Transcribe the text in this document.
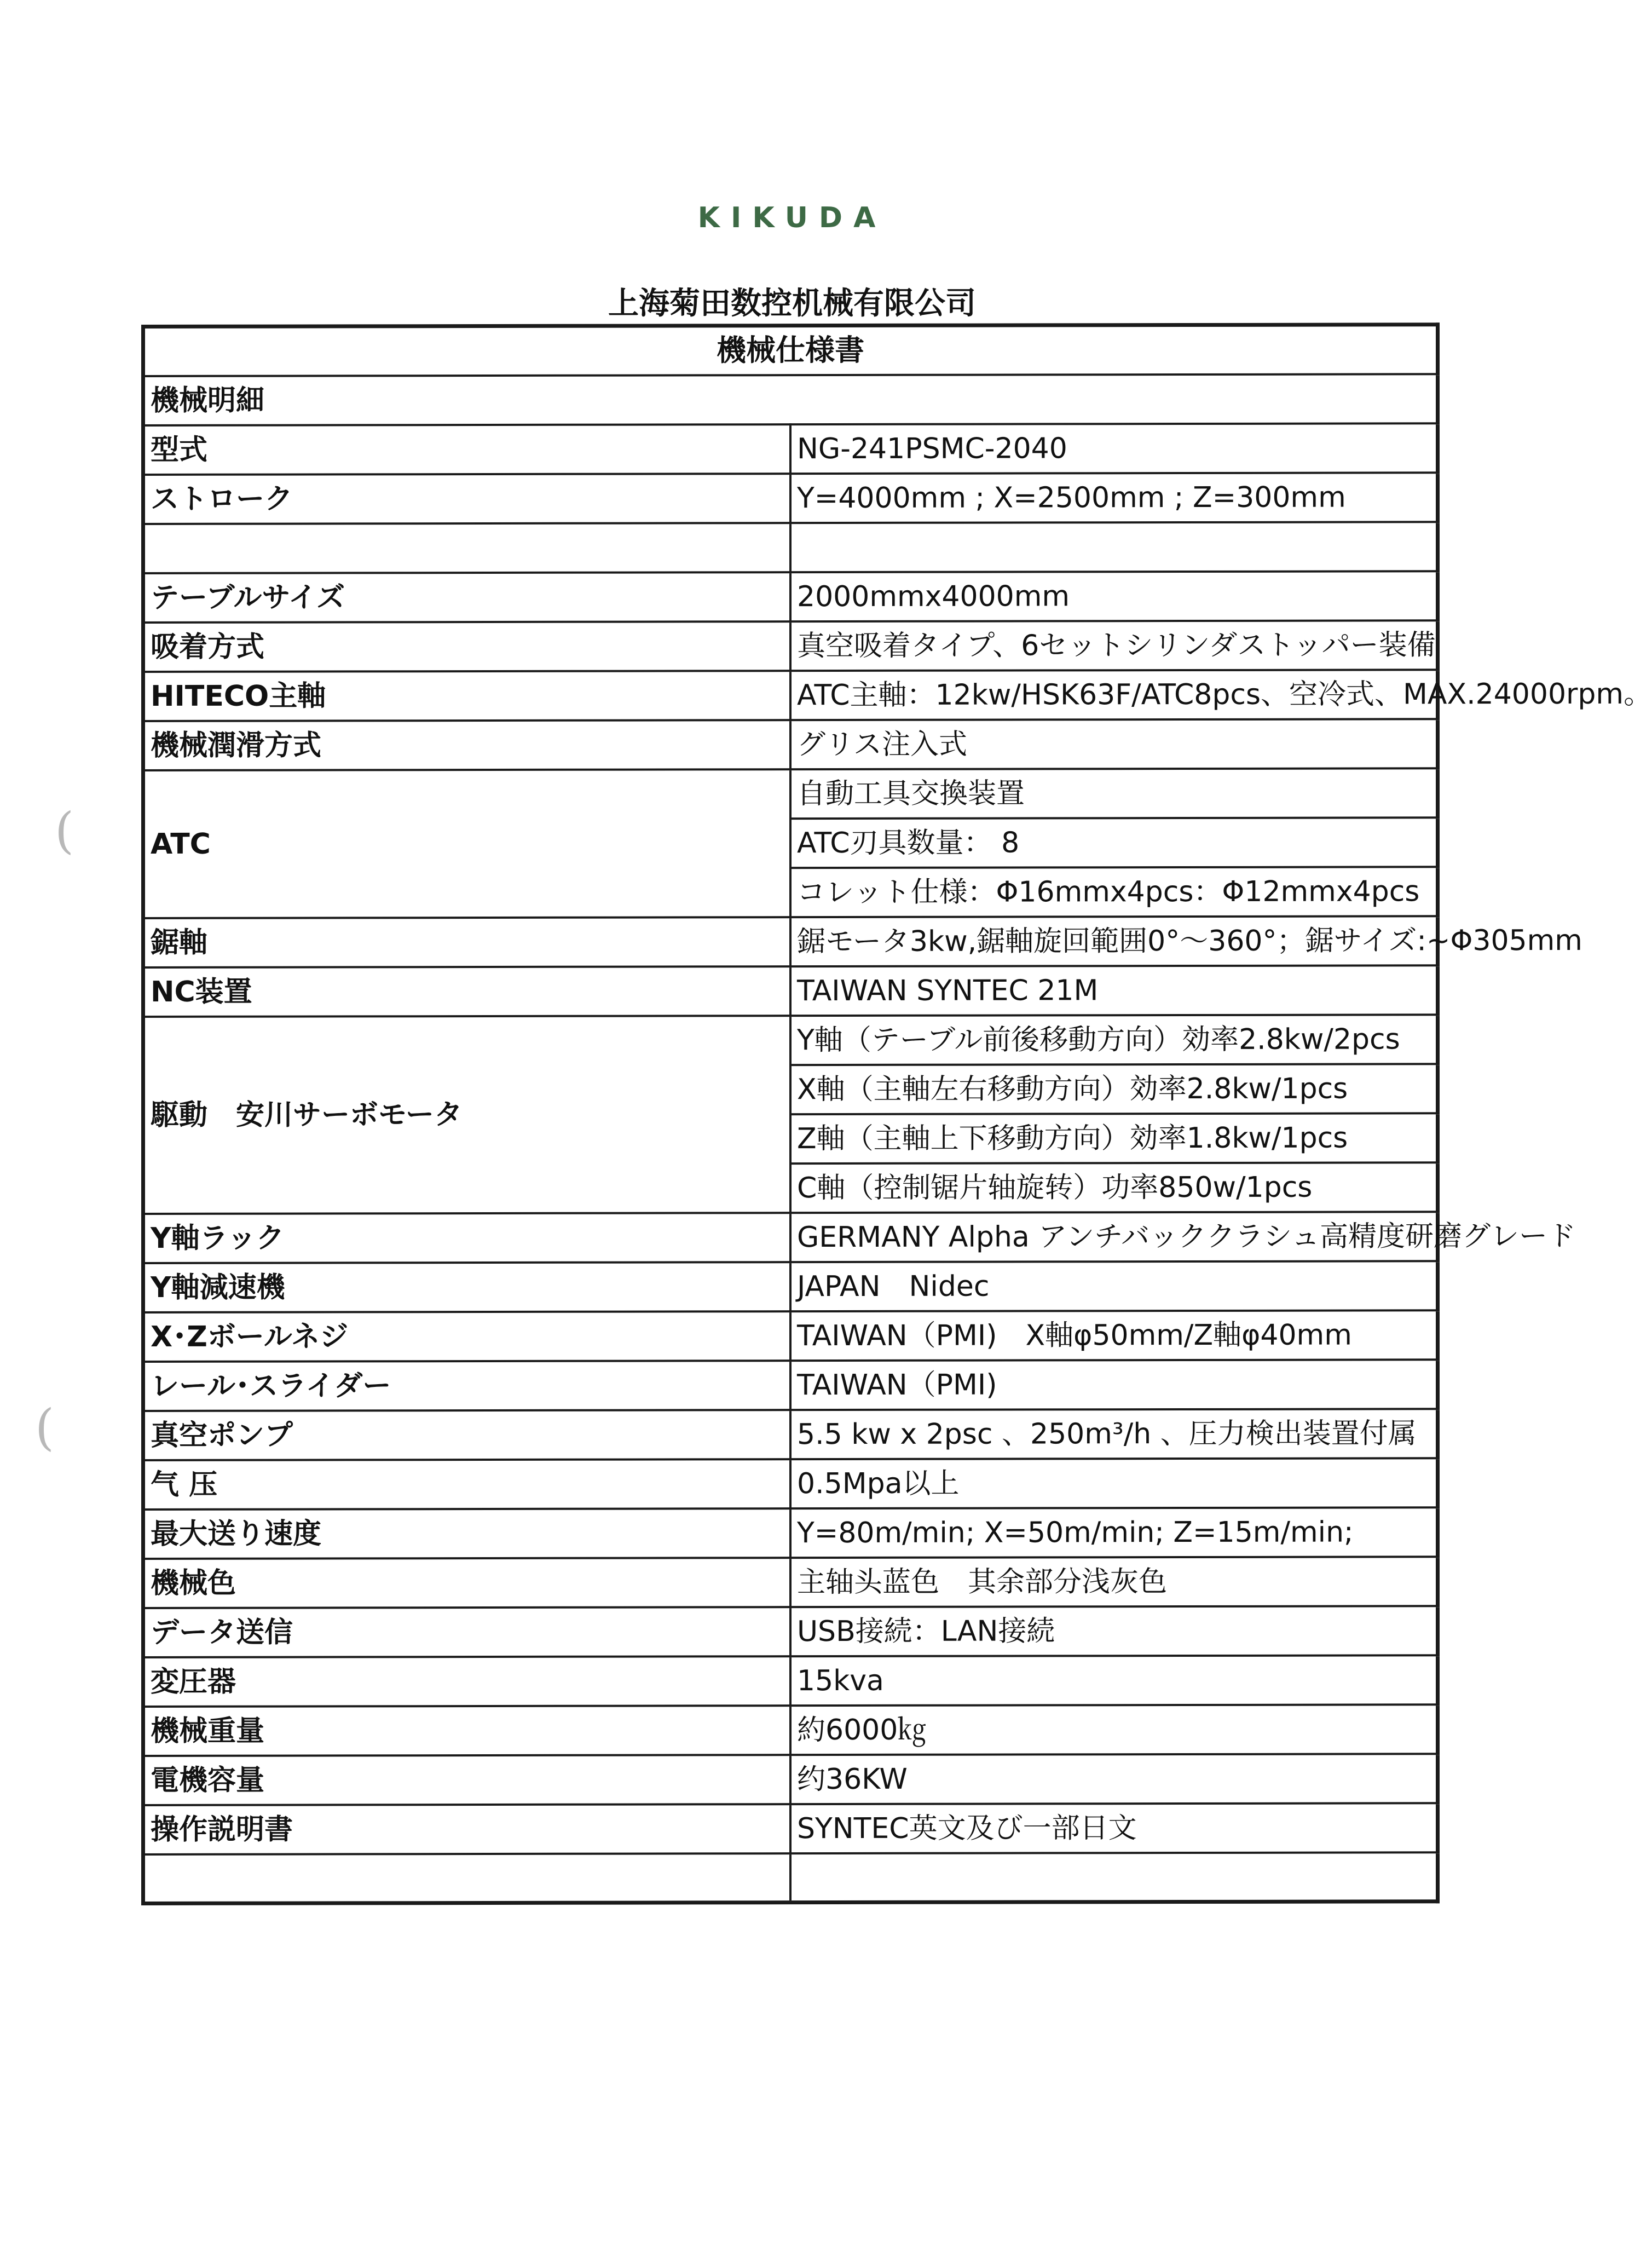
KIKUDA
上海菊田数控机械有限公司
機械仕様書	
機械明細	
型式	NG-241PSMC-2040
ストローク	Y=4000mm ; X=2500mm ; Z=300mm

テーブルサイズ	2000mmx4000mm
吸着方式	真空吸着タイプ、6セットシリンダストッパー装備
HITECO主軸	ATC主軸：12kw/HSK63F/ATC8pcs、空冷式、MAX.24000rpm。
機械潤滑方式	グリス注入式
ATC	自動工具交換装置
	ATC刃具数量： 8
	コレット仕様：Φ16mmx4pcs：Φ12mmx4pcs
鋸軸	鋸モータ3kw,鋸軸旋回範囲0°～360°；鋸サイズ:~Φ305mm
NC装置	TAIWAN SYNTEC 21M
駆動　安川サーボモータ	Y軸（テーブル前後移動方向）効率2.8kw/2pcs
	X軸（主軸左右移動方向）効率2.8kw/1pcs
	Z軸（主軸上下移動方向）効率1.8kw/1pcs
	C軸（控制锯片轴旋转）功率850w/1pcs
Y軸ラック	GERMANY Alpha アンチバッククラシュ高精度研磨グレード
Y軸減速機	JAPAN　Nidec
X･Zボールネジ	TAIWAN（PMI)　X軸φ50mm/Z軸φ40mm
レール･スライダー	TAIWAN（PMI)
真空ポンプ	5.5 kw x 2psc 、250m³/h 、圧力検出装置付属
气 压	0.5Mpa以上
最大送り速度	Y=80m/min; X=50m/min; Z=15m/min;
機械色	主轴头蓝色　其余部分浅灰色
データ送信	USB接続：LAN接続
変圧器	15kva
機械重量	約6000㎏
電機容量	约36KW
操作説明書	SYNTEC英文及び一部日文

(
(
